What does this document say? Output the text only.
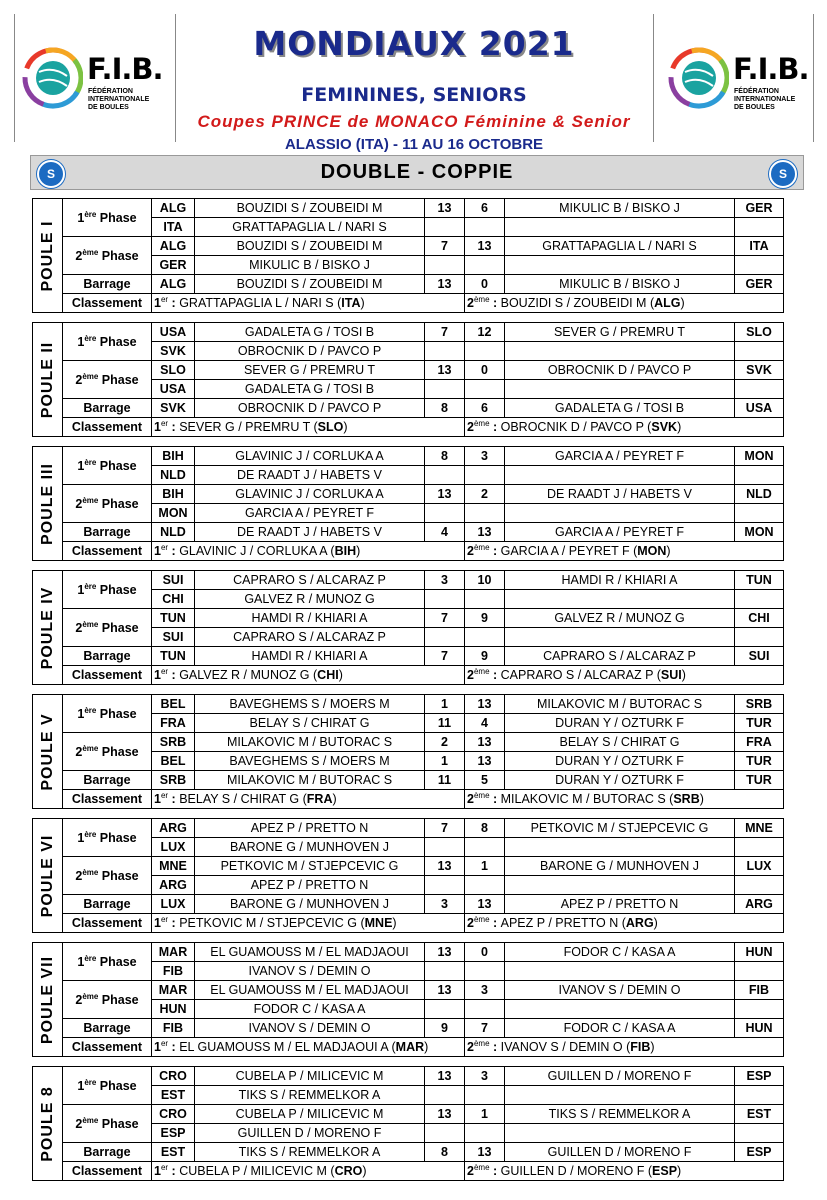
F.I.B.
FÉDÉRATION
INTERNATIONALE
DE BOULES
MONDIAUX 2021
FEMININES, SENIORS
Coupes PRINCE de MONACO Féminine & Senior
ALASSIO (ITA) - 11 AU 16 OCTOBRE
F.I.B.
FÉDÉRATION
INTERNATIONALE
DE BOULES
S	DOUBLE - COPPIE	S
POULE I
1ère Phase	ALG	BOUZIDI S / ZOUBEIDI M	13	6	MIKULIC B / BISKO J	GER
	ITA	GRATTAPAGLIA L / NARI S				
2ème Phase	ALG	BOUZIDI S / ZOUBEIDI M	7	13	GRATTAPAGLIA L / NARI S	ITA
	GER	MIKULIC B / BISKO J				
Barrage	ALG	BOUZIDI S / ZOUBEIDI M	13	0	MIKULIC B / BISKO J	GER
Classement	1er : GRATTAPAGLIA L / NARI S (ITA)			2ème : BOUZIDI S / ZOUBEIDI M (ALG)		
POULE II 1ère Phase	USA	GADALETA G / TOSI B	7	12	SEVER G / PREMRU T	SLO
	SVK	OBROCNIK D / PAVCO P				
2ème Phase	SLO	SEVER G / PREMRU T	13	0	OBROCNIK D / PAVCO P	SVK
	USA	GADALETA G / TOSI B				
Barrage	SVK	OBROCNIK D / PAVCO P	8	6	GADALETA G / TOSI B	USA
Classement	1er : SEVER G / PREMRU T (SLO)			2ème : OBROCNIK D / PAVCO P (SVK)		
POULE III 1ère Phase	BIH	GLAVINIC J / CORLUKA A	8	3	GARCIA A / PEYRET F	MON
	NLD	DE RAADT J / HABETS V				
2ème Phase	BIH	GLAVINIC J / CORLUKA A	13	2	DE RAADT J / HABETS V	NLD
	MON	GARCIA A / PEYRET F				
Barrage	NLD	DE RAADT J / HABETS V	4	13	GARCIA A / PEYRET F	MON
Classement	1er : GLAVINIC J / CORLUKA A (BIH)			2ème : GARCIA A / PEYRET F (MON)		
POULE IV 1ère Phase	SUI	CAPRARO S / ALCARAZ P	3	10	HAMDI R / KHIARI A	TUN
	CHI	GALVEZ R / MUNOZ G				
2ème Phase	TUN	HAMDI R / KHIARI A	7	9	GALVEZ R / MUNOZ G	CHI
	SUI	CAPRARO S / ALCARAZ P				
Barrage	TUN	HAMDI R / KHIARI A	7	9	CAPRARO S / ALCARAZ P	SUI
Classement	1er : GALVEZ R / MUNOZ G (CHI)			2ème : CAPRARO S / ALCARAZ P (SUI)		
POULE V 1ère Phase	BEL	BAVEGHEMS S / MOERS M	1	13	MILAKOVIC M / BUTORAC S	SRB
	FRA	BELAY S / CHIRAT G	11	4	DURAN Y / OZTURK F	TUR
2ème Phase	SRB	MILAKOVIC M / BUTORAC S	2	13	BELAY S / CHIRAT G	FRA
	BEL	BAVEGHEMS S / MOERS M	1	13	DURAN Y / OZTURK F	TUR
Barrage	SRB	MILAKOVIC M / BUTORAC S	11	5	DURAN Y / OZTURK F	TUR
Classement	1er : BELAY S / CHIRAT G (FRA)			2ème : MILAKOVIC M / BUTORAC S (SRB)		
POULE VI 1ère Phase	ARG	APEZ P / PRETTO N	7	8	PETKOVIC M / STJEPCEVIC G	MNE
	LUX	BARONE G / MUNHOVEN J				
2ème Phase	MNE	PETKOVIC M / STJEPCEVIC G	13	1	BARONE G / MUNHOVEN J	LUX
	ARG	APEZ P / PRETTO N				
Barrage	LUX	BARONE G / MUNHOVEN J	3	13	APEZ P / PRETTO N	ARG
Classement	1er : PETKOVIC M / STJEPCEVIC G (MNE)			2ème : APEZ P / PRETTO N (ARG)		
POULE VII 1ère Phase	MAR	EL GUAMOUSS M / EL MADJAOUI	13	0	FODOR C / KASA A	HUN
	FIB	IVANOV S / DEMIN O				
2ème Phase	MAR	EL GUAMOUSS M / EL MADJAOUI	13	3	IVANOV S / DEMIN O	FIB
	HUN	FODOR C / KASA A				
Barrage	FIB	IVANOV S / DEMIN O	9	7	FODOR C / KASA A	HUN
Classement	1er : EL GUAMOUSS M / EL MADJAOUI A (MAR)			2ème : IVANOV S / DEMIN O (FIB)		
POULE 8 1ère Phase	CRO	CUBELA P / MILICEVIC M	13	3	GUILLEN D / MORENO F	ESP
	EST	TIKS S / REMMELKOR A				
2ème Phase	CRO	CUBELA P / MILICEVIC M	13	1	TIKS S / REMMELKOR A	EST
	ESP	GUILLEN D / MORENO F				
Barrage	EST	TIKS S / REMMELKOR A	8	13	GUILLEN D / MORENO F	ESP
Classement	1er : CUBELA P / MILICEVIC M (CRO)			2ème : GUILLEN D / MORENO F (ESP)		
